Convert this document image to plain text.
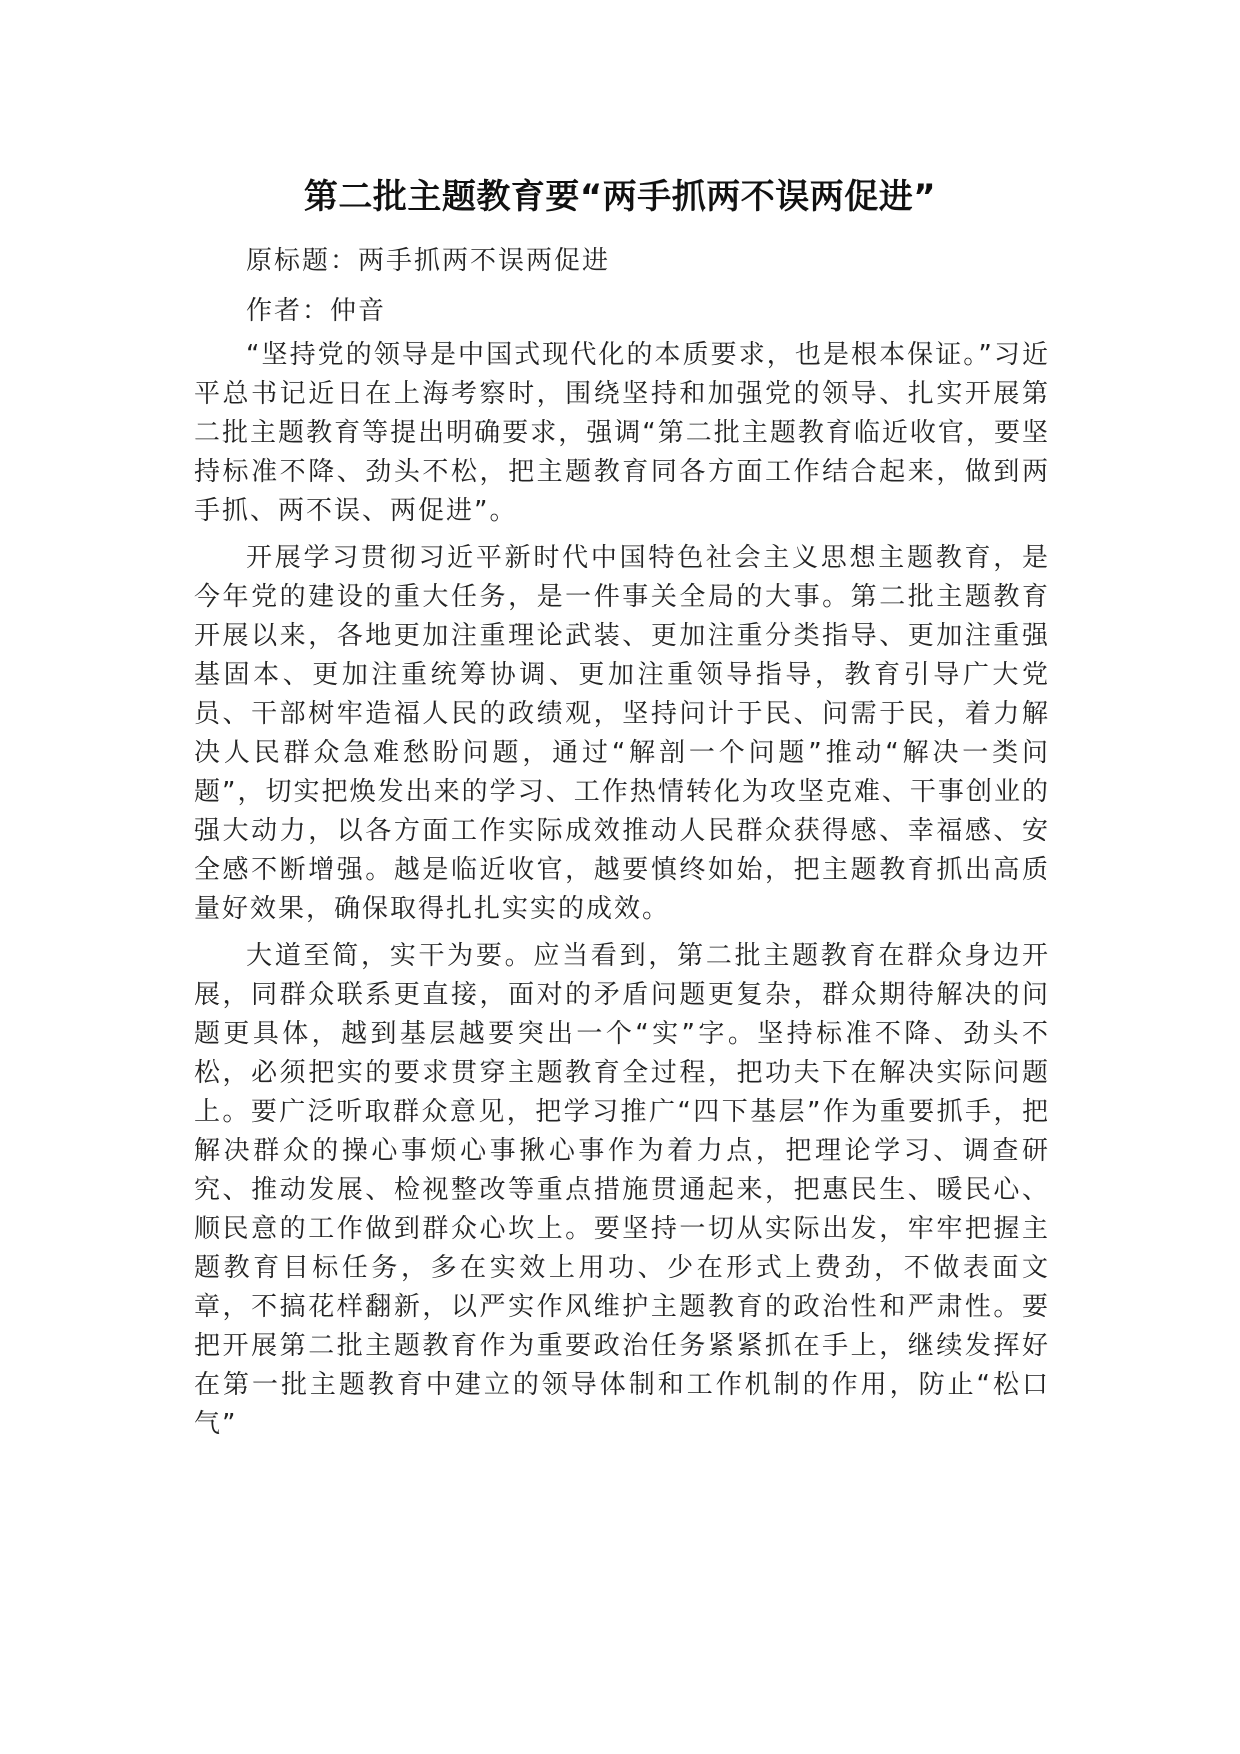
第二批主题教育要“两手抓两不误两促进”

原标题：两手抓两不误两促进

作者：仲音

“坚持党的领导是中国式现代化的本质要求，也是根本保证。”习近平总书记近日在上海考察时，围绕坚持和加强党的领导、扎实开展第二批主题教育等提出明确要求，强调“第二批主题教育临近收官，要坚持标准不降、劲头不松，把主题教育同各方面工作结合起来，做到两手抓、两不误、两促进”。

开展学习贯彻习近平新时代中国特色社会主义思想主题教育，是今年党的建设的重大任务，是一件事关全局的大事。第二批主题教育开展以来，各地更加注重理论武装、更加注重分类指导、更加注重强基固本、更加注重统筹协调、更加注重领导指导，教育引导广大党员、干部树牢造福人民的政绩观，坚持问计于民、问需于民，着力解决人民群众急难愁盼问题，通过“解剖一个问题”推动“解决一类问题”，切实把焕发出来的学习、工作热情转化为攻坚克难、干事创业的强大动力，以各方面工作实际成效推动人民群众获得感、幸福感、安全感不断增强。越是临近收官，越要慎终如始，把主题教育抓出高质量好效果，确保取得扎扎实实的成效。

大道至简，实干为要。应当看到，第二批主题教育在群众身边开展，同群众联系更直接，面对的矛盾问题更复杂，群众期待解决的问题更具体，越到基层越要突出一个“实”字。坚持标准不降、劲头不松，必须把实的要求贯穿主题教育全过程，把功夫下在解决实际问题上。要广泛听取群众意见，把学习推广“四下基层”作为重要抓手，把解决群众的操心事烦心事揪心事作为着力点，把理论学习、调查研究、推动发展、检视整改等重点措施贯通起来，把惠民生、暖民心、顺民意的工作做到群众心坎上。要坚持一切从实际出发，牢牢把握主题教育目标任务，多在实效上用功、少在形式上费劲，不做表面文章，不搞花样翻新，以严实作风维护主题教育的政治性和严肃性。要把开展第二批主题教育作为重要政治任务紧紧抓在手上，继续发挥好在第一批主题教育中建立的领导体制和工作机制的作用，防止“松口气”
